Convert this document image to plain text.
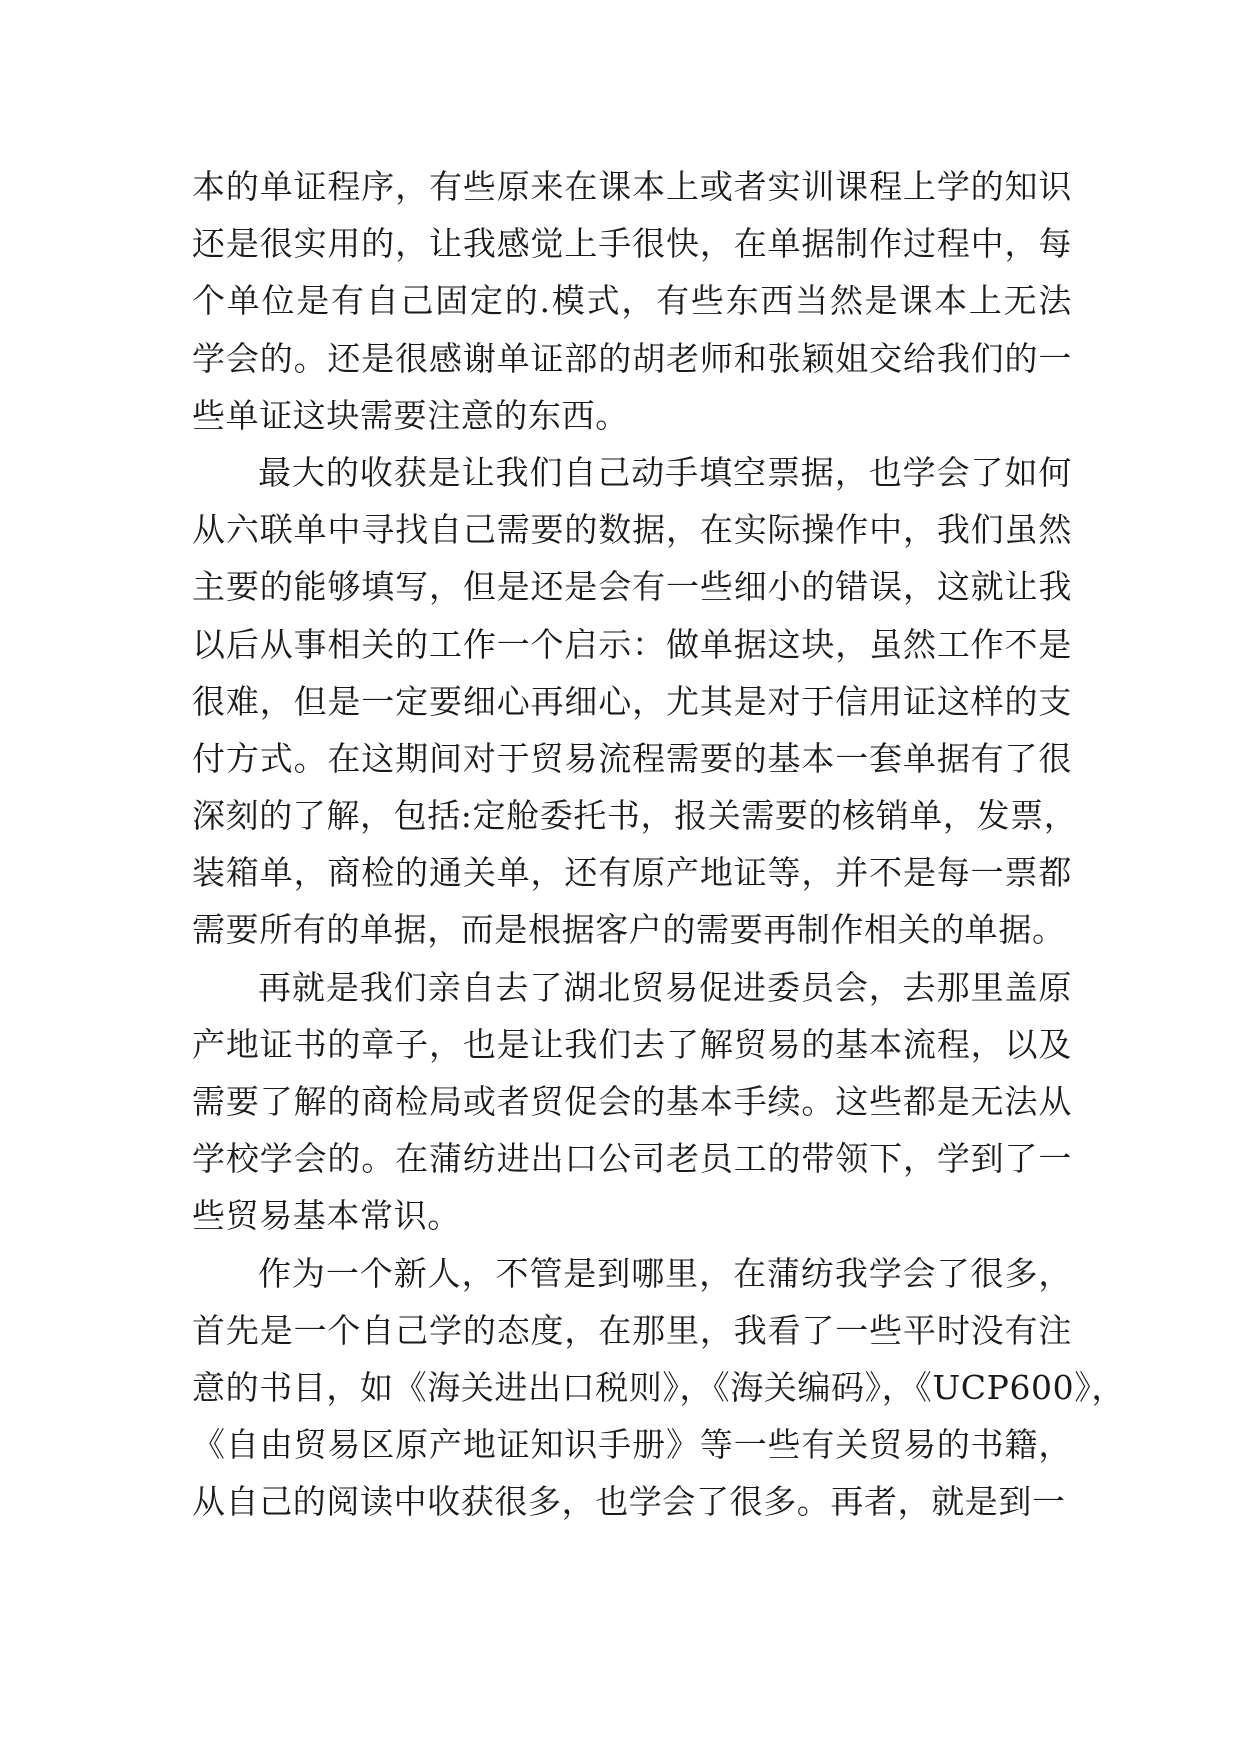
本的单证程序，有些原来在课本上或者实训课程上学的知识
还是很实用的，让我感觉上手很快，在单据制作过程中，每
个单位是有自己固定的.模式，有些东西当然是课本上无法
学会的。还是很感谢单证部的胡老师和张颖姐交给我们的一
些单证这块需要注意的东西。
最大的收获是让我们自己动手填空票据，也学会了如何
从六联单中寻找自己需要的数据，在实际操作中，我们虽然
主要的能够填写，但是还是会有一些细小的错误，这就让我
以后从事相关的工作一个启示：做单据这块，虽然工作不是
很难，但是一定要细心再细心，尤其是对于信用证这样的支
付方式。在这期间对于贸易流程需要的基本一套单据有了很
深刻的了解，包括:定舱委托书，报关需要的核销单，发票，
装箱单，商检的通关单，还有原产地证等，并不是每一票都
需要所有的单据，而是根据客户的需要再制作相关的单据。
再就是我们亲自去了湖北贸易促进委员会，去那里盖原
产地证书的章子，也是让我们去了解贸易的基本流程，以及
需要了解的商检局或者贸促会的基本手续。这些都是无法从
学校学会的。在蒲纺进出口公司老员工的带领下，学到了一
些贸易基本常识。
作为一个新人，不管是到哪里，在蒲纺我学会了很多，
首先是一个自己学的态度，在那里，我看了一些平时没有注
意的书目，如《海关进出口税则》，《海关编码》，《UCP600》，
《自由贸易区原产地证知识手册》等一些有关贸易的书籍，
从自己的阅读中收获很多，也学会了很多。再者，就是到一
